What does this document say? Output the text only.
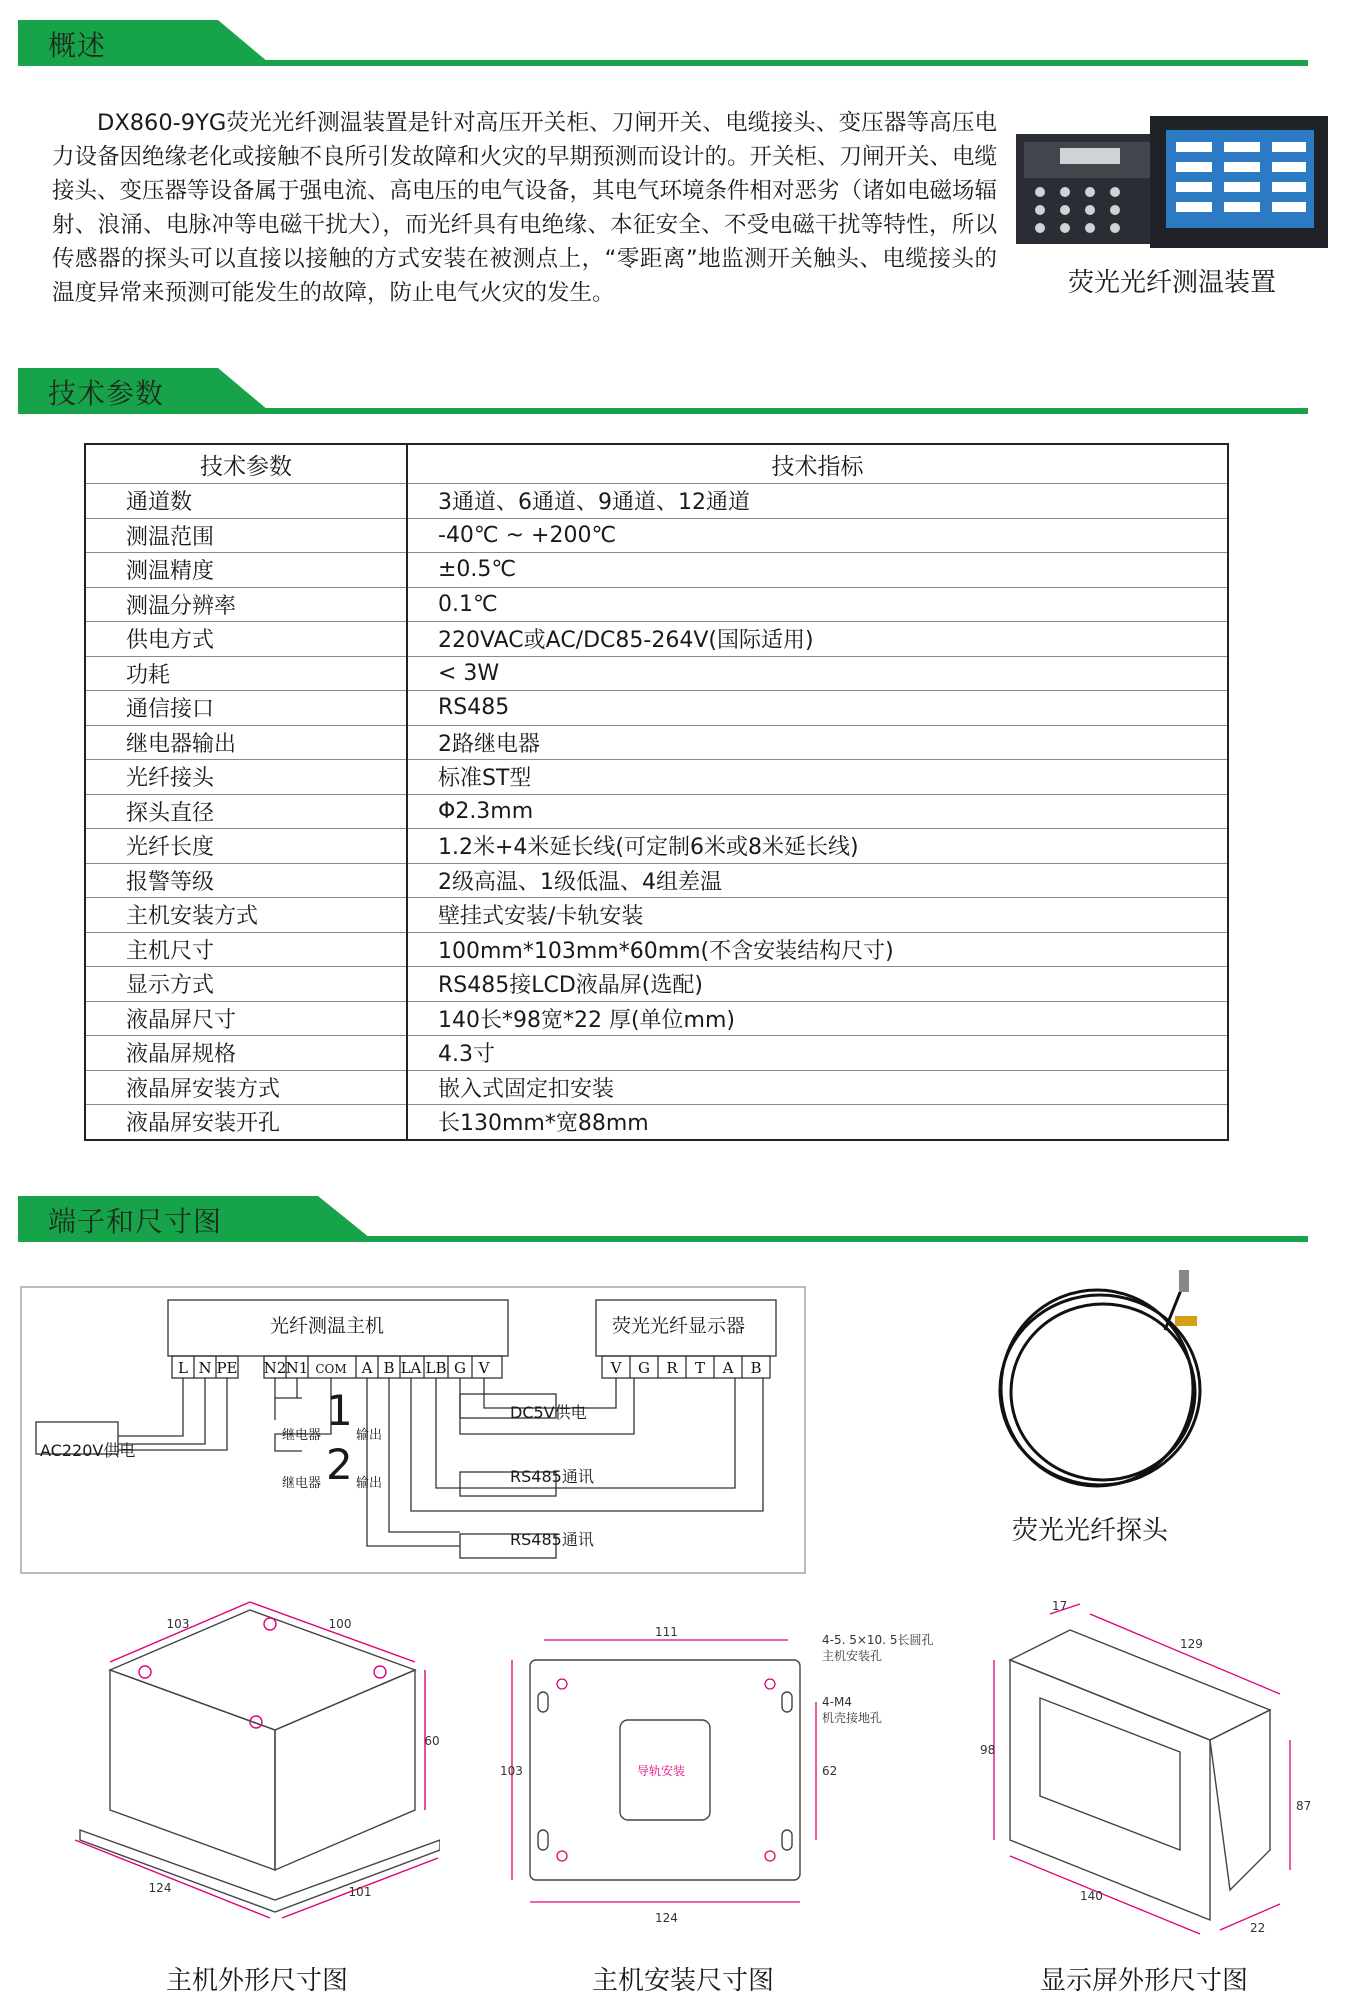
概述

DX860-9YG荧光光纤测温装置是针对高压开关柜、刀闸开关、电缆接头、变压器等高压电力设备因绝缘老化或接触不良所引发故障和火灾的早期预测而设计的。开关柜、刀闸开关、电缆接头、变压器等设备属于强电流、高电压的电气设备，其电气环境条件相对恶劣（诸如电磁场辐射、浪涌、电脉冲等电磁干扰大），而光纤具有电绝缘、本征安全、不受电磁干扰等特性，所以传感器的探头可以直接以接触的方式安装在被测点上，“零距离”地监测开关触头、电缆接头的温度异常来预测可能发生的故障，防止电气火灾的发生。	荧光光纤测温装置
技术参数
技术参数	技术指标
通道数	3通道、6通道、9通道、12通道
测温范围	-40℃ ~ +200℃
测温精度	±0.5℃
测温分辨率	0.1℃
供电方式	220VAC或AC/DC85-264V(国际适用)
功耗	< 3W
通信接口	RS485
继电器输出	2路继电器
光纤接头	标准ST型
探头直径	Φ2.3mm
光纤长度	1.2米+4米延长线(可定制6米或8米延长线)
报警等级	2级高温、1级低温、4组差温
主机安装方式	壁挂式安装/卡轨安装
主机尺寸	100mm*103mm*60mm(不含安装结构尺寸)
显示方式	RS485接LCD液晶屏(选配)
液晶屏尺寸	140长*98宽*22 厚(单位mm)
液晶屏规格	4.3寸
液晶屏安装方式	嵌入式固定扣安装
液晶屏安装开孔	长130mm*宽88mm
端子和尺寸图
L N PE N2 N1 COM A B LA LB G V	V G R T A B
光纤测温主机	荧光光纤显示器
AC220V供电
DC5V供电
RS485通讯
RS485通讯
继电器
1
输出
继电器 2 输出
荧光光纤探头
103	100
60
124	101
111
103
124
62
4-5. 5×10. 5长圆孔
主机安装孔
4-M4
机壳接地孔
导轨安装
17
129
98
87
140
22
主机外形尺寸图	主机安装尺寸图	显示屏外形尺寸图
